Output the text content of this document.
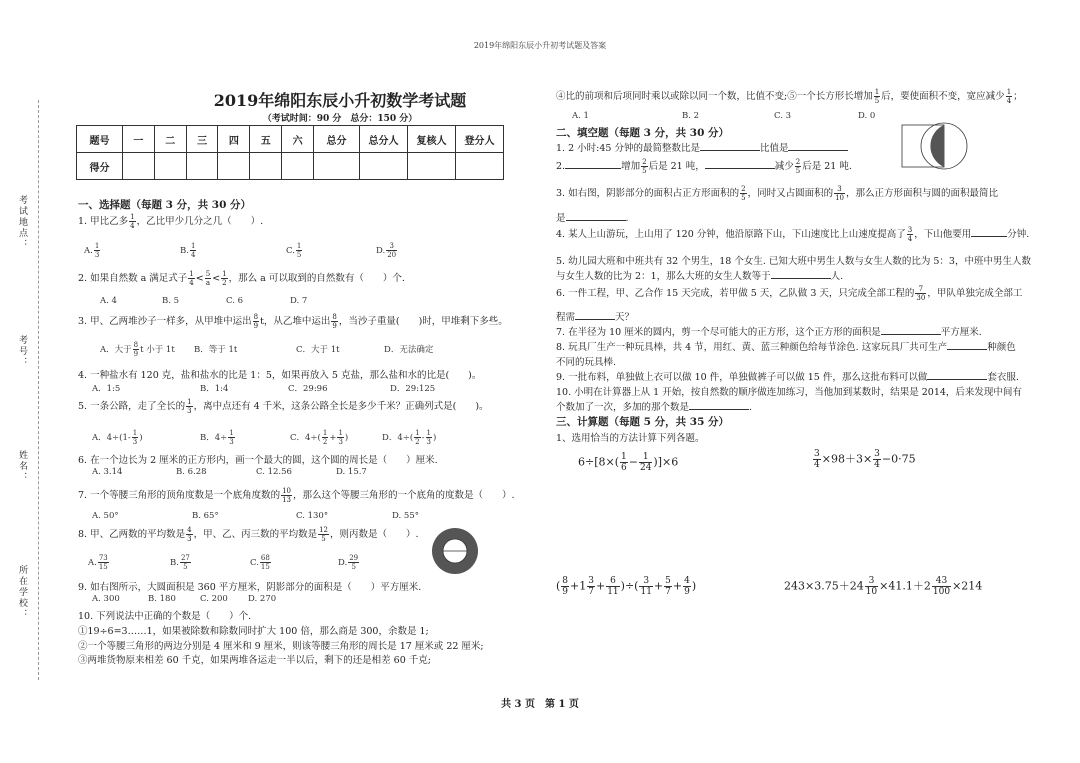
2019年绵阳东辰小升初考试题及答案
共 3 页　第 1 页
考试地点：
考号：
姓名：
所在学校：
2019年绵阳东辰小升初数学考试题
（考试时间：90 分　总分：150 分）
题号	一	二	三	四	五	六	总分	总分人	复核人	登分人
得分										
一、选择题（每题 3 分，共 30 分）
1. 甲比乙多 $\frac{1}{4}$ ，乙比甲少几分之几（　　）.
A. $\frac{1}{3}$	B. $\frac{1}{4}$	C. $\frac{1}{5}$	D. $\frac{3}{20}$
2. 如果自然数 a 满足式子 $\frac{1}{4} < \frac{5}{a} < \frac{1}{2}$ ，那么 a 可以取到的自然数有（　　）个.
A. 4	B. 5	C. 6	D. 7
3. 甲、乙两堆沙子一样多，从甲堆中运出 $\frac{8}{9}$ t，从乙堆中运出 $\frac{8}{9}$ ，当沙子重量(　　)时，甲堆剩下多些。
A．大于 $\frac{8}{9}$ t 小于 1t B．等于 1t	C．大于 1t	D．无法确定
4. 一种盐水有 120 克，盐和盐水的比是 1：5，如果再放入 5 克盐，那么盐和水的比是(　　)。
A．1:5	B．1:4	C．29:96	D．29:125
5. 一条公路，走了全长的 $\frac{1}{3}$ ，离中点还有 4 千米，这条公路全长是多少千米？正确列式是(　　)。
A．$4\div(1- \frac{1}{3}$ )	B．$4\div \frac{1}{3}$	C．$4\div( \frac{1}{2} + \frac{1}{3}$ )	D．$4\div( \frac{1}{2} - \frac{1}{3}$ )
6. 在一个边长为 2 厘米的正方形内，画一个最大的圆，这个圆的周长是（　　）厘米.
A. 3.14	B. 6.28	C. 12.56	D. 15.7
7. 一个等腰三角形的顶角度数是一个底角度数的 $\frac{10}{13}$ ，那么这个等腰三角形的一个底角的度数是（　　）.
A. 50°	B. 65°	C. 130°	D. 55°
8. 甲、乙两数的平均数是 $\frac{4}{3}$ ，甲、乙、丙三数的平均数是 $\frac{12}{5}$ ，则丙数是（　　）.
A. $\frac{73}{15}$	B. $\frac{27}{5}$	C. $\frac{68}{15}$	D. $\frac{29}{5}$
9. 如右图所示，大圆面积是 360 平方厘米，阴影部分的面积是（　　）平方厘米.
A. 300	B. 180	C. 200 D. 270
10. 下列说法中正确的个数是（　　）个.
①19÷6=3……1，如果被除数和除数同时扩大 100 倍，那么商是 300，余数是 1;
②一个等腰三角形的两边分别是 4 厘米和 9 厘米，则该等腰三角形的周长是 17 厘米或 22 厘米;
③两堆货物原来相差 60 千克，如果两堆各运走一半以后，剩下的还是相差 60 千克;
④比的前项和后项同时乘以或除以同一个数，比值不变;⑤一个长方形长增加 $\frac{1}{5}$ 后，要使面积不变，宽应减少 $\frac{1}{4}$ ；
A. 1	B. 2	C. 3	D. 0
二、填空题（每题 3 分，共 30 分）
1. 2 小时:45 分钟的最简整数比是	比值是
2.	增加 $\frac{2}{5}$ 后是 21 吨，	减少 $\frac{2}{5}$ 后是 21 吨.
3. 如右图，阴影部分的面积占正方形面积的 $\frac{2}{5}$ ，同时又占圆面积的 $\frac{3}{10}$ ，那么正方形面积与圆的面积最简比
是	.
4. 某人上山游玩，上山用了 120 分钟，他沿原路下山，下山速度比上山速度提高了 $\frac{3}{4}$ ，下山他要用	分钟.
5. 幼儿园大班和中班共有 32 个男生，18 个女生. 已知大班中男生人数与女生人数的比为 5：3，中班中男生人数
与女生人数的比为 2：1，那么大班的女生人数等于	人.
6. 一件工程，甲、乙合作 15 天完成，若甲做 5 天，乙队做 3 天，只完成全部工程的 $\frac{7}{30}$ ，甲队单独完成全部工
程需	天？
7. 在半径为 10 厘米的圆内，剪一个尽可能大的正方形，这个正方形的面积是	平方厘米.
8. 玩具厂生产一种玩具棒，共 4 节，用红、黄、蓝三种颜色给每节涂色. 这家玩具厂共可生产	种颜色
不同的玩具棒.
9. 一批布料，单独做上衣可以做 10 件，单独做裤子可以做 15 件，那么这批布料可以做	套衣服.
10. 小明在计算器上从 1 开始，按自然数的顺序做连加练习，当他加到某数时，结果是 2014，后来发现中间有
个数加了一次，多加的那个数是	.
三、计算题（每题 5 分，共 35 分）
1、选用恰当的方法计算下列各题。
$6\div[8\times( \frac{1}{6} - \frac{1}{24} )]\times 6$	$\frac{3}{4} \times 98+3\times \frac{3}{4} -0\cdot 75$
( $\frac{8}{9} +1 \frac{3}{7} + \frac{6}{11}$ )÷( $\frac{3}{11} + \frac{5}{7} + \frac{4}{9}$ )	$243\times 3.75+24 \frac{3}{10} \times 41.1+2 \frac{43}{100} \times 214$
